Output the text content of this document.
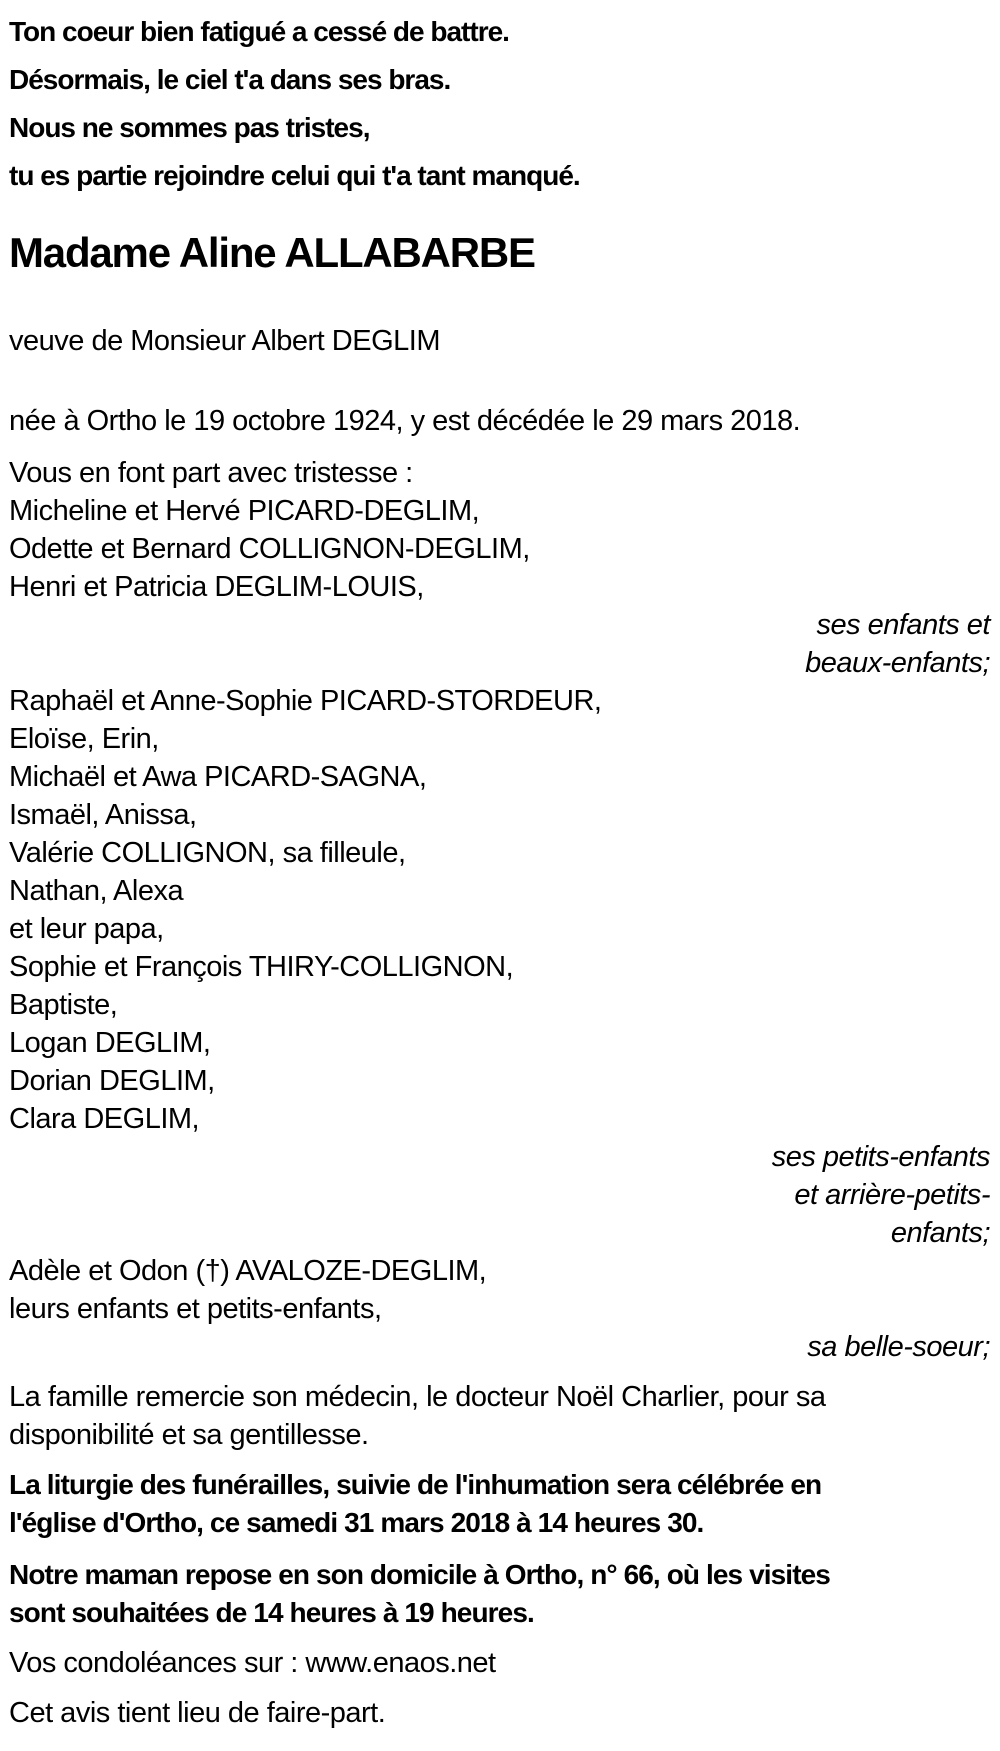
Ton coeur bien fatigué a cessé de battre.

Désormais, le ciel t'a dans ses bras.

Nous ne sommes pas tristes,

tu es partie rejoindre celui qui t'a tant manqué.

Madame Aline ALLABARBE

veuve de Monsieur Albert DEGLIM

née à Ortho le 19 octobre 1924, y est décédée le 29 mars 2018.

Vous en font part avec tristesse :

Micheline et Hervé PICARD-DEGLIM,

Odette et Bernard COLLIGNON-DEGLIM,

Henri et Patricia DEGLIM-LOUIS,

ses enfants et

beaux-enfants;

Raphaël et Anne-Sophie PICARD-STORDEUR,

Eloïse, Erin,

Michaël et Awa PICARD-SAGNA,

Ismaël, Anissa,

Valérie COLLIGNON, sa filleule,

Nathan, Alexa

et leur papa,

Sophie et François THIRY-COLLIGNON,

Baptiste,

Logan DEGLIM,

Dorian DEGLIM,

Clara DEGLIM,

ses petits-enfants

et arrière-petits-

enfants;

Adèle et Odon (†) AVALOZE-DEGLIM,

leurs enfants et petits-enfants,

sa belle-soeur;

La famille remercie son médecin, le docteur Noël Charlier, pour sa

disponibilité et sa gentillesse.

La liturgie des funérailles, suivie de l'inhumation sera célébrée en

l'église d'Ortho, ce samedi 31 mars 2018 à 14 heures 30.

Notre maman repose en son domicile à Ortho, n° 66, où les visites

sont souhaitées de 14 heures à 19 heures.

Vos condoléances sur : www.enaos.net

Cet avis tient lieu de faire-part.
